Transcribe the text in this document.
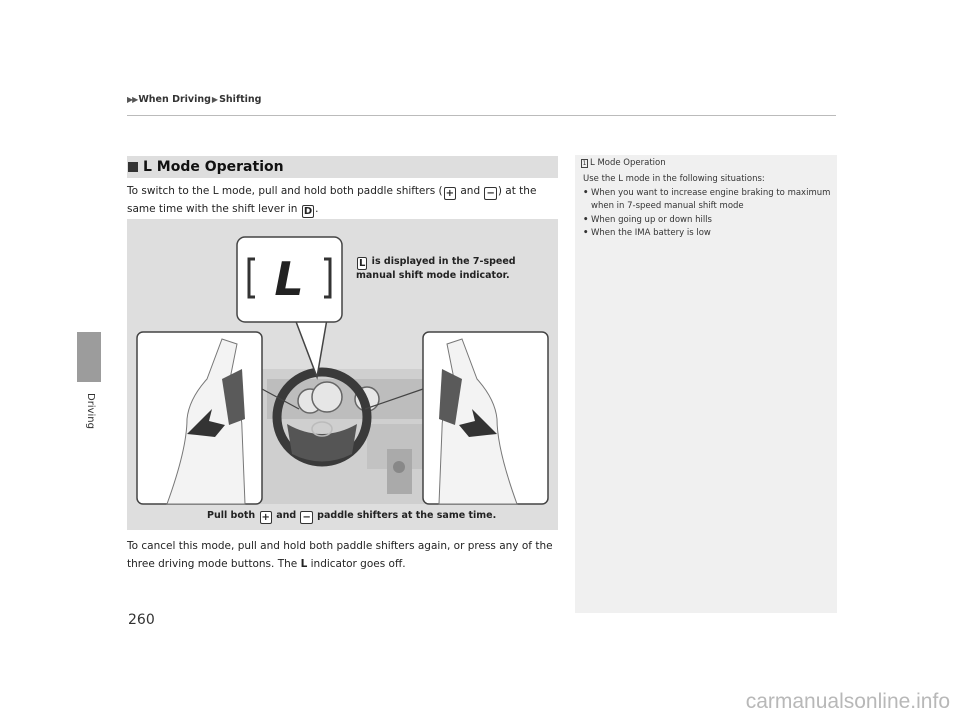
▶▶ When Driving ▶ Shifting
Driving
L Mode Operation
To switch to the L mode, pull and hold both paddle shifters ( + and − ) at the same time with the shift lever in D .
L	L is displayed in the 7-speed
manual shift mode indicator.
Pull both + and − paddle shifters at the same time.
To cancel this mode, pull and hold both paddle shifters again, or press any of the three driving mode buttons. The L indicator goes off.
1 L Mode Operation
Use the L mode in the following situations:
• When you want to increase engine braking to maximum when in 7-speed manual shift mode
• When going up or down hills
• When the IMA battery is low
260
carmanualsonline.info
